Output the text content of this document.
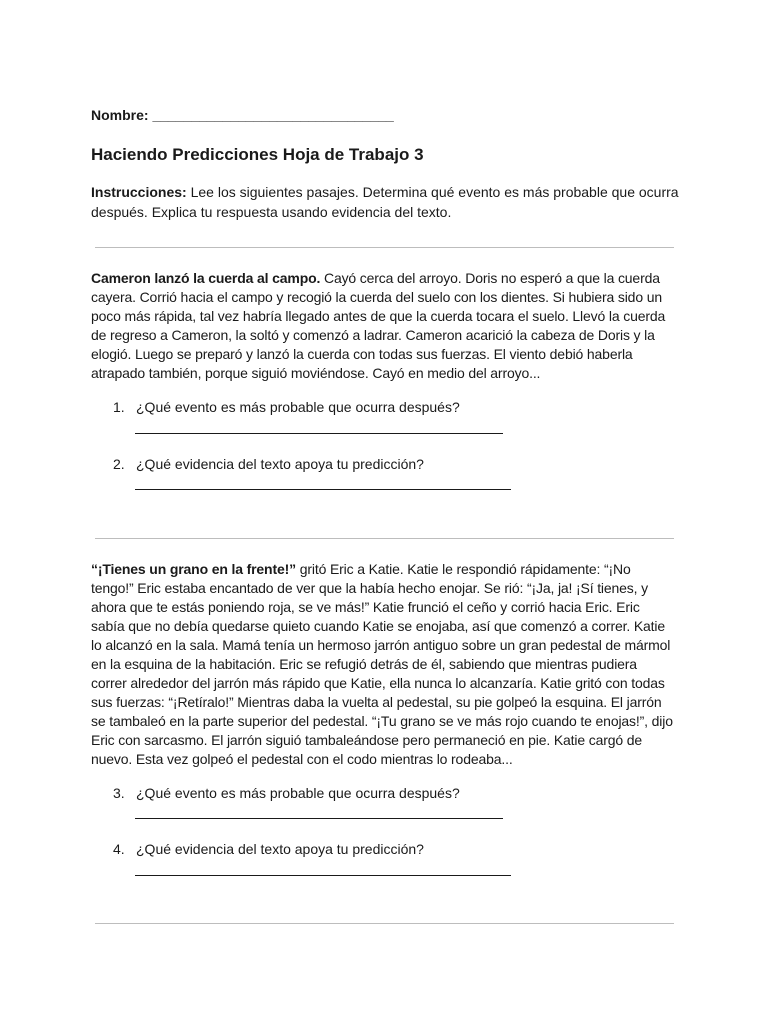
Nombre: _______________________________
Haciendo Predicciones Hoja de Trabajo 3
Instrucciones: Lee los siguientes pasajes. Determina qué evento es más probable que ocurra después. Explica tu respuesta usando evidencia del texto.
Cameron lanzó la cuerda al campo. Cayó cerca del arroyo. Doris no esperó a que la cuerda cayera. Corrió hacia el campo y recogió la cuerda del suelo con los dientes. Si hubiera sido un poco más rápida, tal vez habría llegado antes de que la cuerda tocara el suelo. Llevó la cuerda de regreso a Cameron, la soltó y comenzó a ladrar. Cameron acarició la cabeza de Doris y la elogió. Luego se preparó y lanzó la cuerda con todas sus fuerzas. El viento debió haberla atrapado también, porque siguió moviéndose. Cayó en medio del arroyo...
1. ¿Qué evento es más probable que ocurra después?
2. ¿Qué evidencia del texto apoya tu predicción?
“¡Tienes un grano en la frente!” gritó Eric a Katie. Katie le respondió rápidamente: “¡No tengo!” Eric estaba encantado de ver que la había hecho enojar. Se rió: “¡Ja, ja! ¡Sí tienes, y ahora que te estás poniendo roja, se ve más!” Katie frunció el ceño y corrió hacia Eric. Eric sabía que no debía quedarse quieto cuando Katie se enojaba, así que comenzó a correr. Katie lo alcanzó en la sala. Mamá tenía un hermoso jarrón antiguo sobre un gran pedestal de mármol en la esquina de la habitación. Eric se refugió detrás de él, sabiendo que mientras pudiera correr alrededor del jarrón más rápido que Katie, ella nunca lo alcanzaría. Katie gritó con todas sus fuerzas: “¡Retíralo!” Mientras daba la vuelta al pedestal, su pie golpeó la esquina. El jarrón se tambaleó en la parte superior del pedestal. “¡Tu grano se ve más rojo cuando te enojas!”, dijo Eric con sarcasmo. El jarrón siguió tambaleándose pero permaneció en pie. Katie cargó de nuevo. Esta vez golpeó el pedestal con el codo mientras lo rodeaba...
3. ¿Qué evento es más probable que ocurra después?
4. ¿Qué evidencia del texto apoya tu predicción?
